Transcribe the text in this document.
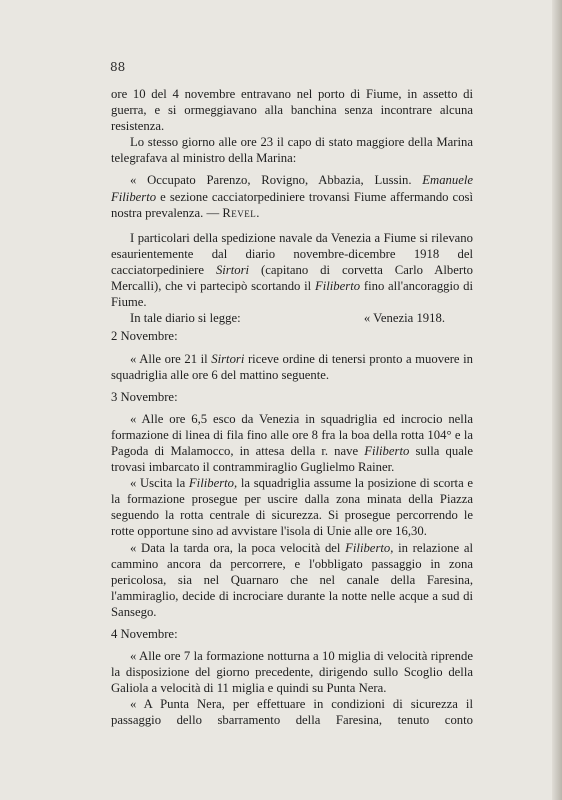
88

ore 10 del 4 novembre entravano nel porto di Fiume, in assetto di guerra, e si ormeggiavano alla banchina senza incontrare alcuna resistenza.

Lo stesso giorno alle ore 23 il capo di stato maggiore della Marina telegrafava al ministro della Marina:

« Occupato Parenzo, Rovigno, Abbazia, Lussin. Emanuele Filiberto e sezione cacciatorpediniere trovansi Fiume affermando così nostra prevalenza. — Revel.

I particolari della spedizione navale da Venezia a Fiume si rilevano esaurientemente dal diario novembre-dicembre 1918 del cacciatorpediniere Sirtori (capitano di corvetta Carlo Alberto Mercalli), che vi partecipò scortando il Filiberto fino all'ancoraggio di Fiume.

In tale diario si legge:	« Venezia 1918.

2 Novembre:

« Alle ore 21 il Sirtori riceve ordine di tenersi pronto a muovere in squadriglia alle ore 6 del mattino seguente.

3 Novembre:

« Alle ore 6,5 esco da Venezia in squadriglia ed incrocio nella formazione di linea di fila fino alle ore 8 fra la boa della rotta 104° e la Pagoda di Malamocco, in attesa della r. nave Filiberto sulla quale trovasi imbarcato il contrammiraglio Guglielmo Rainer.

« Uscita la Filiberto, la squadriglia assume la posizione di scorta e la formazione prosegue per uscire dalla zona minata della Piazza seguendo la rotta centrale di sicurezza. Si prosegue percorrendo le rotte opportune sino ad avvistare l'isola di Unie alle ore 16,30.

« Data la tarda ora, la poca velocità del Filiberto, in relazione al cammino ancora da percorrere, e l'obbligato passaggio in zona pericolosa, sia nel Quarnaro che nel canale della Faresina, l'ammiraglio, decide di incrociare durante la notte nelle acque a sud di Sansego.

4 Novembre:

« Alle ore 7 la formazione notturna a 10 miglia di velocità riprende la disposizione del giorno precedente, dirigendo sullo Scoglio della Galiola a velocità di 11 miglia e quindi su Punta Nera.

« A Punta Nera, per effettuare in condizioni di sicurezza il passaggio dello sbarramento della Faresina, tenuto conto
